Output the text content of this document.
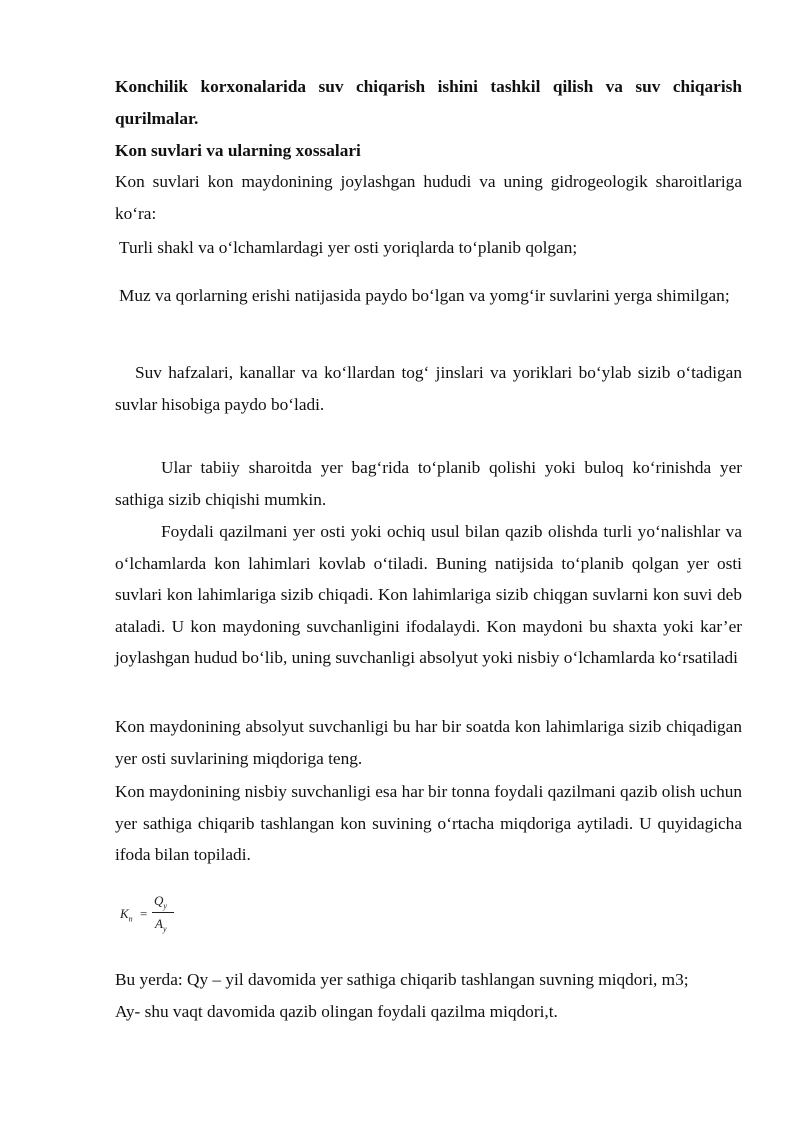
Konchilik korxonalarida suv chiqarish ishini tashkil qilish va suv chiqarish qurilmalar.

Kon suvlari va ularning xossalari

Kon suvlari kon maydonining joylashgan hududi va uning gidrogeologik sharoitlariga ko‘ra:

Turli shakl va o‘lchamlardagi yer osti yoriqlarda to‘planib qolgan;

Muz va qorlarning erishi natijasida paydo bo‘lgan va yomg‘ir suvlarini yerga shimilgan;

Suv hafzalari, kanallar va ko‘llardan tog‘ jinslari va yoriklari bo‘ylab sizib o‘tadigan suvlar hisobiga paydo bo‘ladi.

Ular tabiiy sharoitda yer bag‘rida to‘planib qolishi yoki buloq ko‘rinishda yer sathiga sizib chiqishi mumkin.

Foydali qazilmani yer osti yoki ochiq usul bilan qazib olishda turli yo‘nalishlar va o‘lchamlarda kon lahimlari kovlab o‘tiladi. Buning natijsida to‘planib qolgan yer osti suvlari kon lahimlariga sizib chiqadi. Kon lahimlariga sizib chiqgan suvlarni kon suvi deb ataladi. U kon maydoning suvchanligini ifodalaydi. Kon maydoni bu shaxta yoki kar’er joylashgan hudud bo‘lib, uning suvchanligi absolyut yoki nisbiy o‘lchamlarda ko‘rsatiladi

Kon maydonining absolyut suvchanligi bu har bir soatda kon lahimlariga sizib chiqadigan yer osti suvlarining miqdoriga teng.

Kon maydonining nisbiy suvchanligi esa har bir tonna foydali qazilmani qazib olish uchun yer sathiga chiqarib tashlangan kon suvining o‘rtacha miqdoriga aytiladi. U quyidagicha ifoda bilan topiladi.

$K_n$ =
$Q_y$
$A_y$

Bu yerda: Qy – yil davomida yer sathiga chiqarib tashlangan suvning miqdori, m3;

Ay- shu vaqt davomida qazib olingan foydali qazilma miqdori,t.
